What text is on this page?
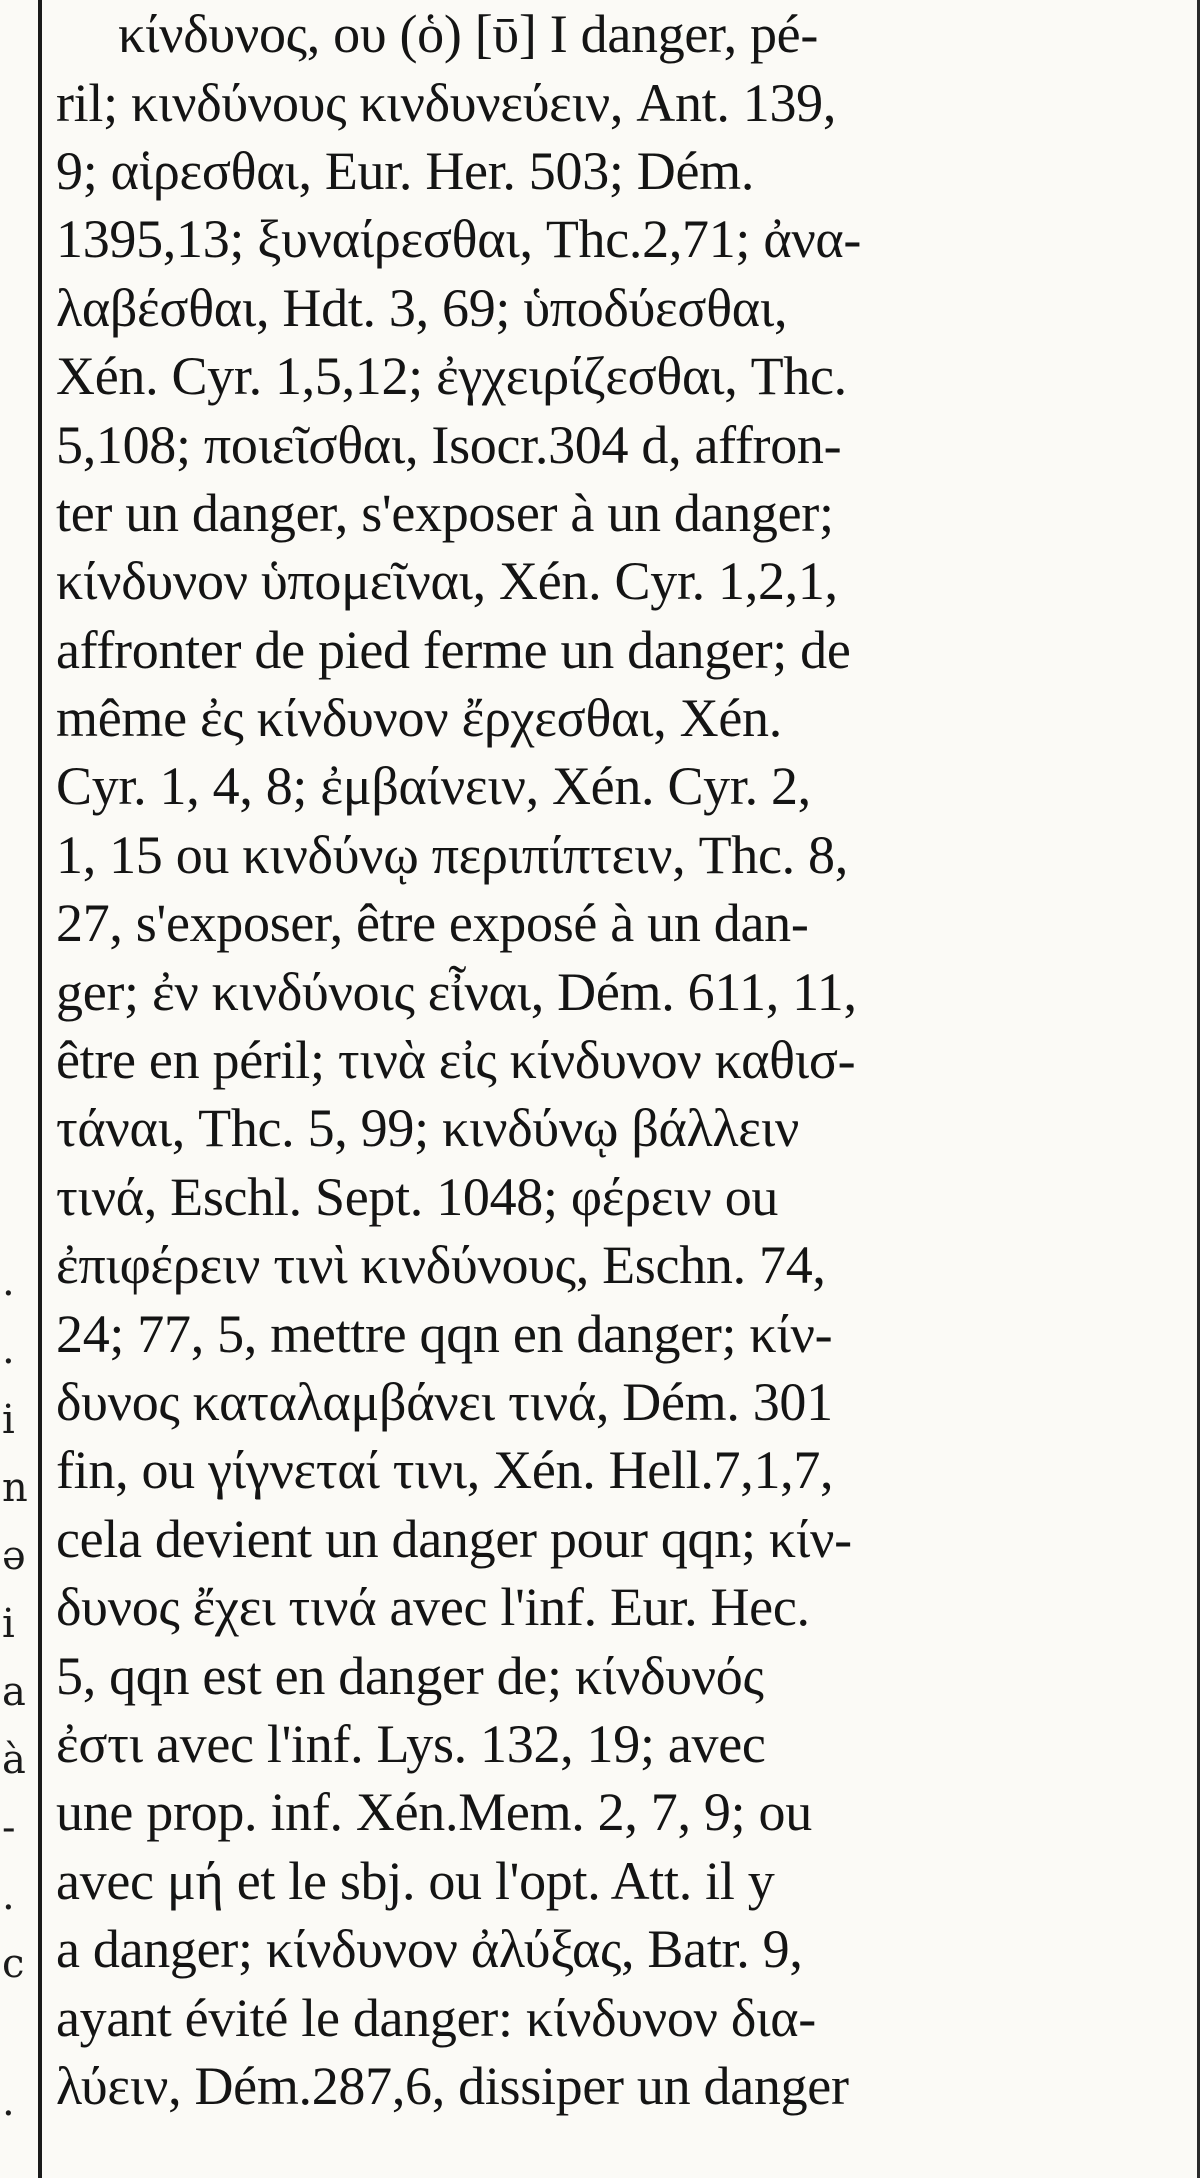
.
.
i
n
ə
i
a
à
-
.
c
.
κίνδυνος, ου (ὁ) [ῡ] I danger, pé-
ril; κινδύνους κινδυνεύειν, Ant. 139,
9; αἱρεσθαι, Eur. Her. 503; Dém.
1395,13; ξυναίρεσθαι, Thc.2,71; ἀνα-
λαβέσθαι, Hdt. 3, 69; ὑποδύεσθαι,
Xén. Cyr. 1,5,12; ἐγχειρίζεσθαι, Thc.
5,108; ποιεῖσθαι, Isocr.304 d, affron-
ter un danger, s'exposer à un danger;
κίνδυνον ὑπομεῖναι, Xén. Cyr. 1,2,1,
affronter de pied ferme un danger; de
même ἐς κίνδυνον ἔρχεσθαι, Xén.
Cyr. 1, 4, 8; ἐμβαίνειν, Xén. Cyr. 2,
1, 15 ou κινδύνῳ περιπίπτειν, Thc. 8,
27, s'exposer, être exposé à un dan-
ger; ἐν κινδύνοις εἶναι, Dém. 611, 11,
être en péril; τινὰ εἰς κίνδυνον καθισ-
τάναι, Thc. 5, 99; κινδύνῳ βάλλειν
τινά, Eschl. Sept. 1048; φέρειν ou
ἐπιφέρειν τινὶ κινδύνους, Eschn. 74,
24; 77, 5, mettre qqn en danger; κίν-
δυνος καταλαμβάνει τινά, Dém. 301
fin, ou γίγνεταί τινι, Xén. Hell.7,1,7,
cela devient un danger pour qqn; κίν-
δυνος ἔχει τινά avec l'inf. Eur. Hec.
5, qqn est en danger de; κίνδυνός
ἐστι avec l'inf. Lys. 132, 19; avec
une prop. inf. Xén.Mem. 2, 7, 9; ou
avec μή et le sbj. ou l'opt. Att. il y
a danger; κίνδυνον ἀλύξας, Batr. 9,
ayant évité le danger: κίνδυνον δια-
λύειν, Dém.287,6, dissiper un danger
